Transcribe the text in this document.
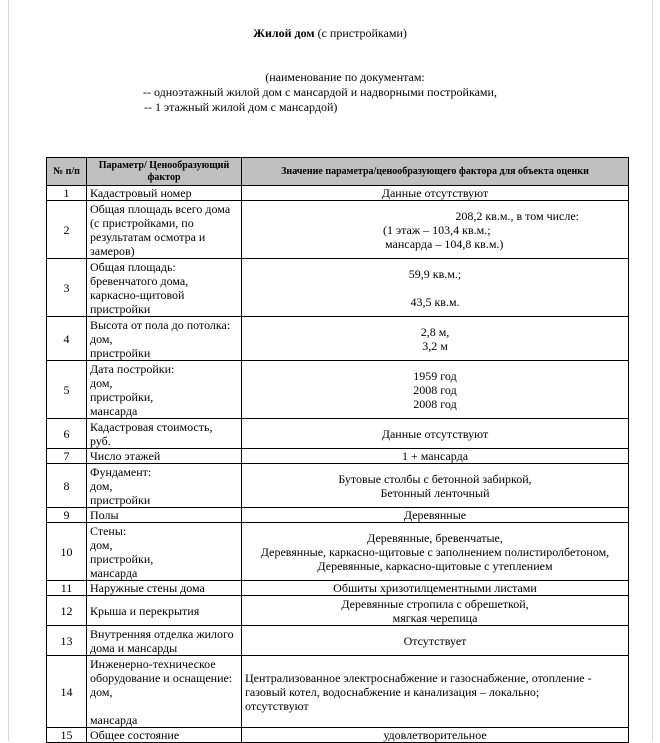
Жилой дом (с пристройками)
(наименование по документам:
-- одноэтажный жилой дом с мансардой и надворными постройками,
-- 1 этажный жилой дом с мансардой)
№ п/п	Параметр/ Ценообразующий фактор	Значение параметра/ценообразующего фактора для объекта оценки
1	Кадастровый номер	Данные отсутствуют

2	Общая площадь всего дома
(с пристройками, по
результатам осмотра и
замеров)	208,2 кв.м., в том числе:
(1 этаж – 103,4 кв.м.;
мансарда – 104,8 кв.м.)

3	Общая площадь:
бревенчатого дома,
каркасно-щитовой
пристройки	59,9 кв.м.;

43,5 кв.м.

4	Высота от пола до потолка:
дом,
пристройки	2,8 м,
3,2 м

5	Дата постройки:
дом,
пристройки,
мансарда	1959 год
2008 год
2008 год

6	Кадастровая стоимость,
руб.	Данные отсутствуют

7	Число этажей	1 + мансарда

8	Фундамент:
дом,
пристройки	Бутовые столбы с бетонной забиркой,
Бетонный ленточный

9	Полы	Деревянные

10	Стены:
дом,
пристройки,
мансарда	Деревянные, бревенчатые,
Деревянные, каркасно-щитовые с заполнением полистиролбетоном,
Деревянные, каркасно-щитовые с утеплением

11	Наружные стены дома	Обшиты хризотилцементными листами

12	Крыша и перекрытия	Деревянные стропила с обрешеткой,
мягкая черепица

13	Внутренняя отделка жилого
дома и мансарды	Отсутствует

14	Инженерно-техническое
оборудование и оснащение:
дом,

мансарда	Централизованное электроснабжение и газоснабжение, отопление -
газовый котел, водоснабжение и канализация – локально;
отсутствуют

15	Общее состояние	удовлетворительное
